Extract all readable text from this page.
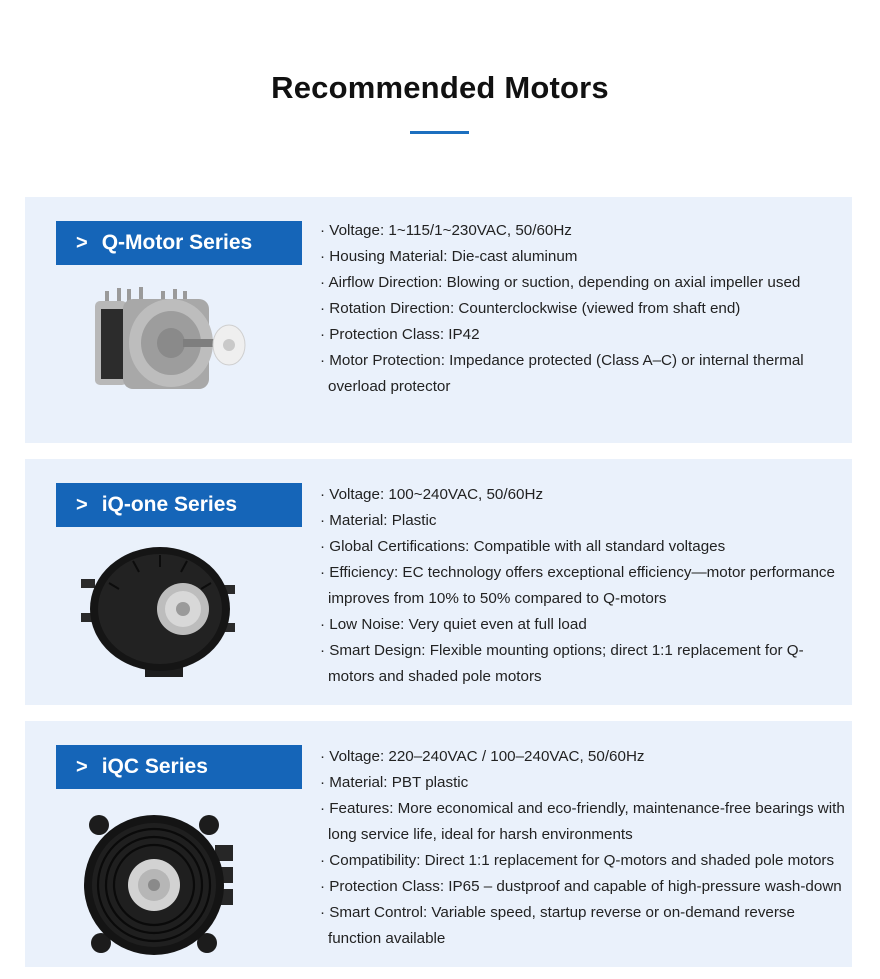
Recommended Motors
> Q-Motor Series
· Voltage: 1~115/1~230VAC, 50/60Hz
· Housing Material: Die-cast aluminum
· Airflow Direction: Blowing or suction, depending on axial impeller used
· Rotation Direction: Counterclockwise (viewed from shaft end)
· Protection Class: IP42
· Motor Protection: Impedance protected (Class A–C) or internal thermal overload protector
> iQ-one Series	· Voltage: 100~240VAC, 50/60Hz
· Material: Plastic
· Global Certifications: Compatible with all standard voltages
· Efficiency: EC technology offers exceptional efficiency—motor performance improves from 10% to 50% compared to Q-motors
· Low Noise: Very quiet even at full load
· Smart Design: Flexible mounting options; direct 1:1 replacement for Q-motors and shaded pole motors
> iQC Series	· Voltage: 220–240VAC / 100–240VAC, 50/60Hz
· Material: PBT plastic
· Features: More economical and eco-friendly, maintenance-free bearings with long service life, ideal for harsh environments
· Compatibility: Direct 1:1 replacement for Q-motors and shaded pole motors
· Protection Class: IP65 – dustproof and capable of high-pressure wash-down
· Smart Control: Variable speed, startup reverse or on-demand reverse function available
